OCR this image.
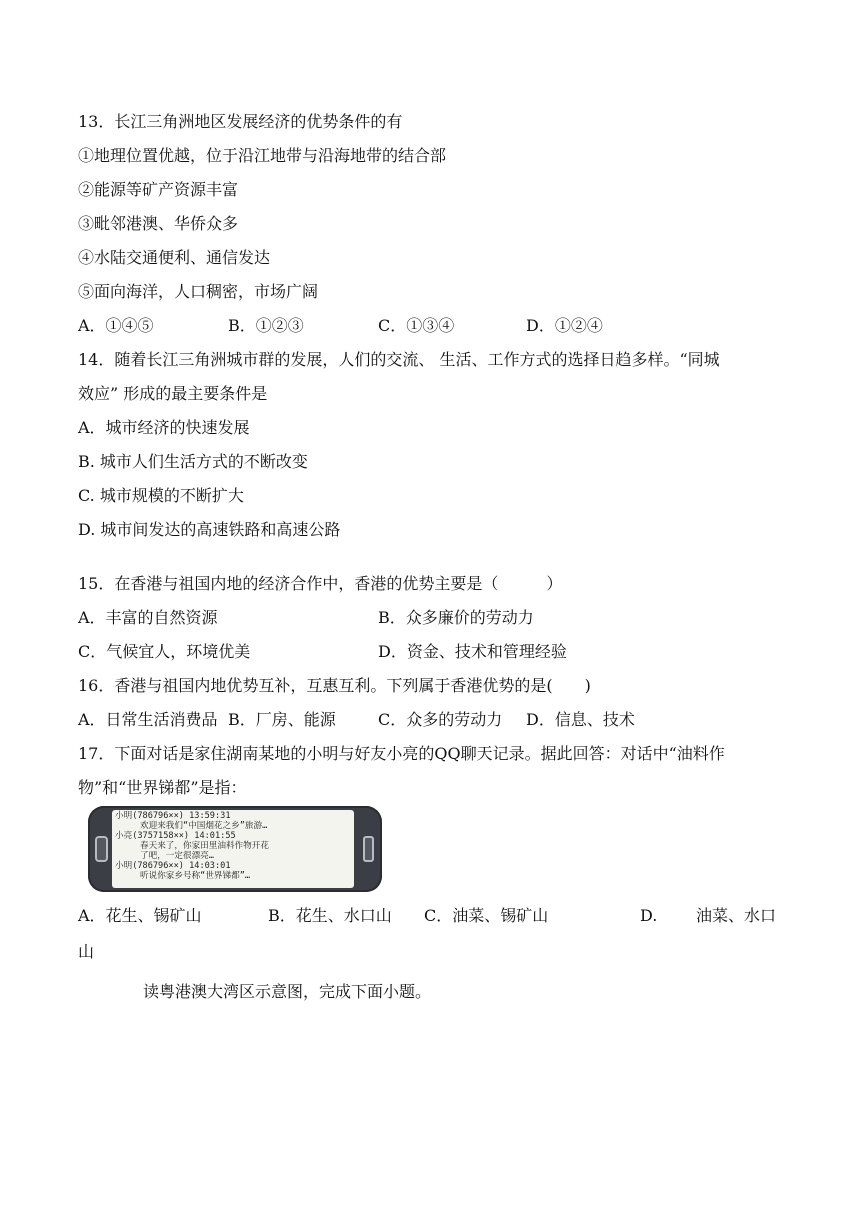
13．长江三角洲地区发展经济的优势条件的有
①地理位置优越，位于沿江地带与沿海地带的结合部
②能源等矿产资源丰富
③毗邻港澳、华侨众多
④水陆交通便利、通信发达
⑤面向海洋，人口稠密，市场广阔
A．①④⑤	B．①②③	C．①③④	D．①②④
14．随着长江三角洲城市群的发展，人们的交流、 生活、工作方式的选择日趋多样。“同城
效应” 形成的最主要条件是
A．城市经济的快速发展
B. 城市人们生活方式的不断改变
C. 城市规模的不断扩大
D. 城市间发达的高速铁路和高速公路
15．在香港与祖国内地的经济合作中，香港的优势主要是（　　　）
A．丰富的自然资源	B．众多廉价的劳动力
C．气候宜人，环境优美	D．资金、技术和管理经验
16．香港与祖国内地优势互补，互惠互利。下列属于香港优势的是(　　)
A．日常生活消费品 B．厂房、能源	C．众多的劳动力 D．信息、技术
17．下面对话是家住湖南某地的小明与好友小亮的QQ聊天记录。据此回答：对话中“油料作
物”和“世界锑都”是指：
小明(786796××) 13:59:31
欢迎来我们“中国烟花之乡”旅游…
小亮(3757158××) 14:01:55
春天来了，你家田里油料作物开花
了吧，一定很漂亮…
小明(786796××) 14:03:01
听说你家乡号称“世界锑都”…
A．花生、锡矿山	B．花生、水口山 C．油菜、锡矿山	D. 油菜、水口
山
读粤港澳大湾区示意图，完成下面小题。
